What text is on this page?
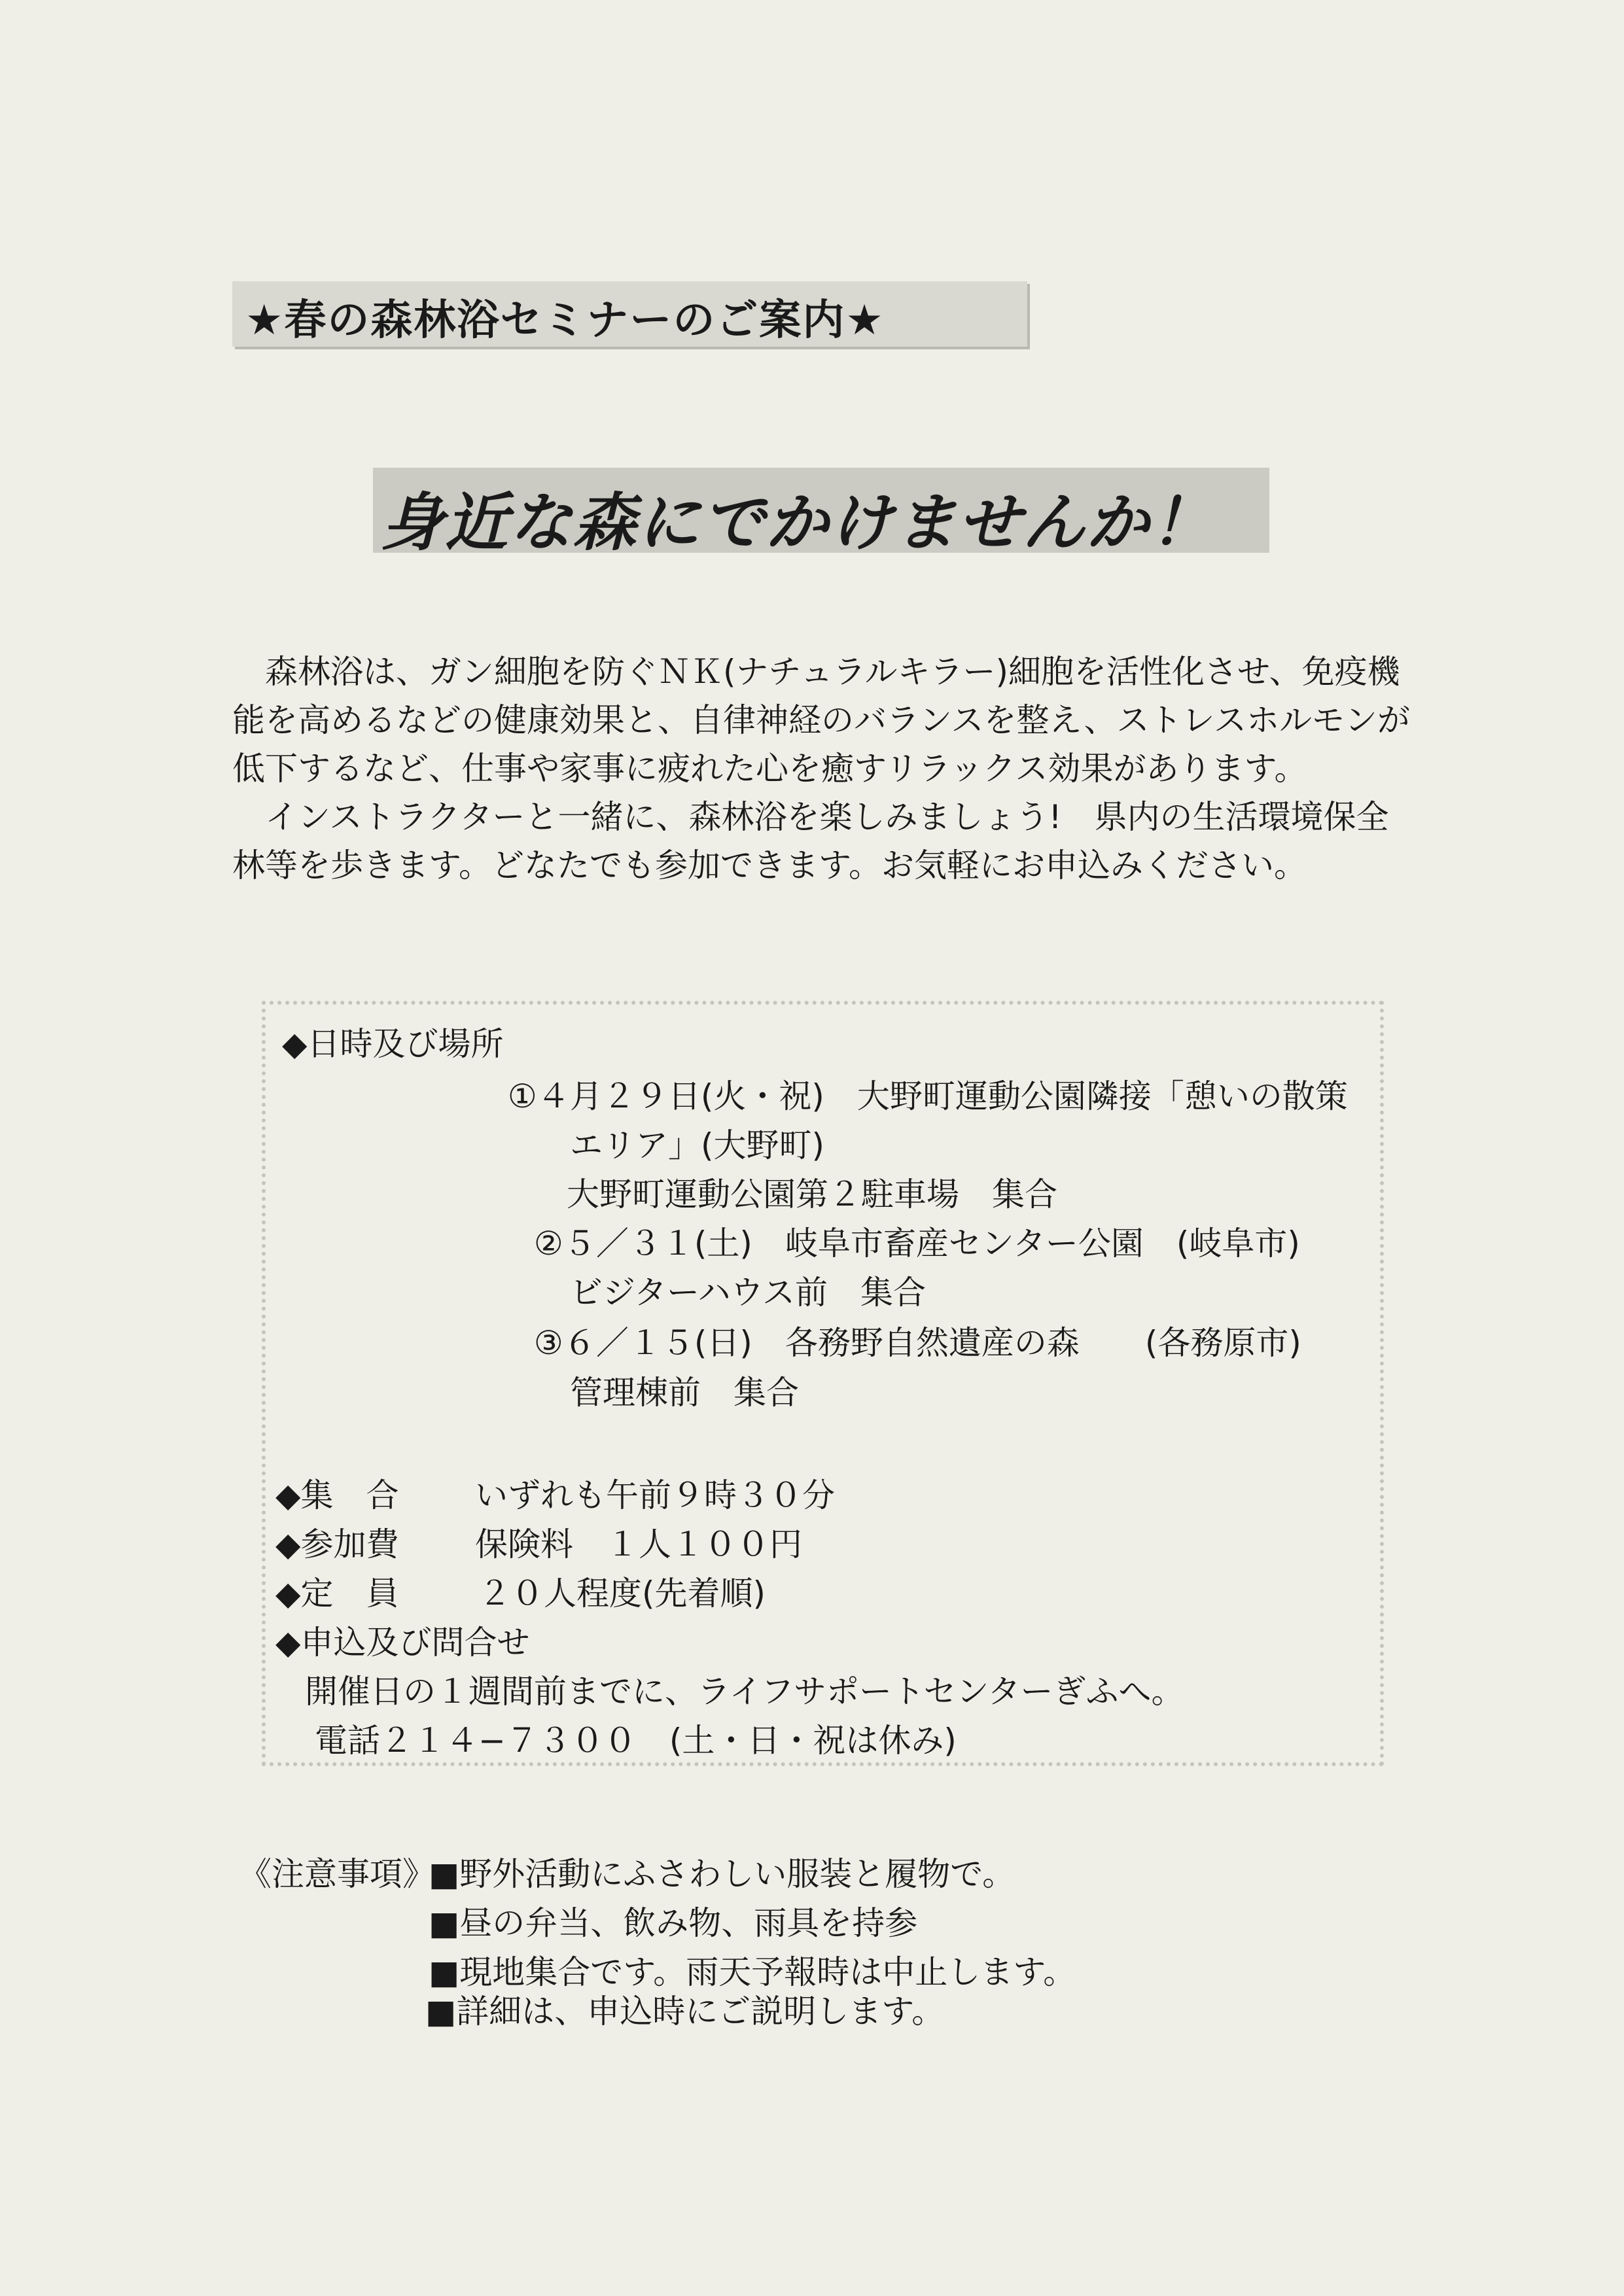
★春の森林浴セミナーのご案内★
身近な森にでかけませんか！
森林浴は、ガン細胞を防ぐＮＫ(ナチュラルキラー)細胞を活性化させ、免疫機
能を高めるなどの健康効果と、自律神経のバランスを整え、ストレスホルモンが
低下するなど、仕事や家事に疲れた心を癒すリラックス効果があります。
インストラクターと一緒に、森林浴を楽しみましょう!　県内の生活環境保全
林等を歩きます。どなたでも参加できます。お気軽にお申込みください。
◆日時及び場所
①４月２９日(火・祝)　大野町運動公園隣接「憩いの散策
エリア」(大野町)
大野町運動公園第２駐車場　集合
②５／３１(土)　岐阜市畜産センター公園　(岐阜市)
ビジターハウス前　集合
③６／１５(日)　各務野自然遺産の森　　(各務原市)
管理棟前　集合
◆集　合 いずれも午前９時３０分
◆参加費 保険料　１人１００円
◆定　員 ２０人程度(先着順)
◆申込及び問合せ
開催日の１週間前までに、ライフサポートセンターぎふへ。
電話２１４−７３００　(土・日・祝は休み)
《注意事項》
■野外活動にふさわしい服装と履物で。
■昼の弁当、飲み物、雨具を持参
■現地集合です。雨天予報時は中止します。
■詳細は、申込時にご説明します。
